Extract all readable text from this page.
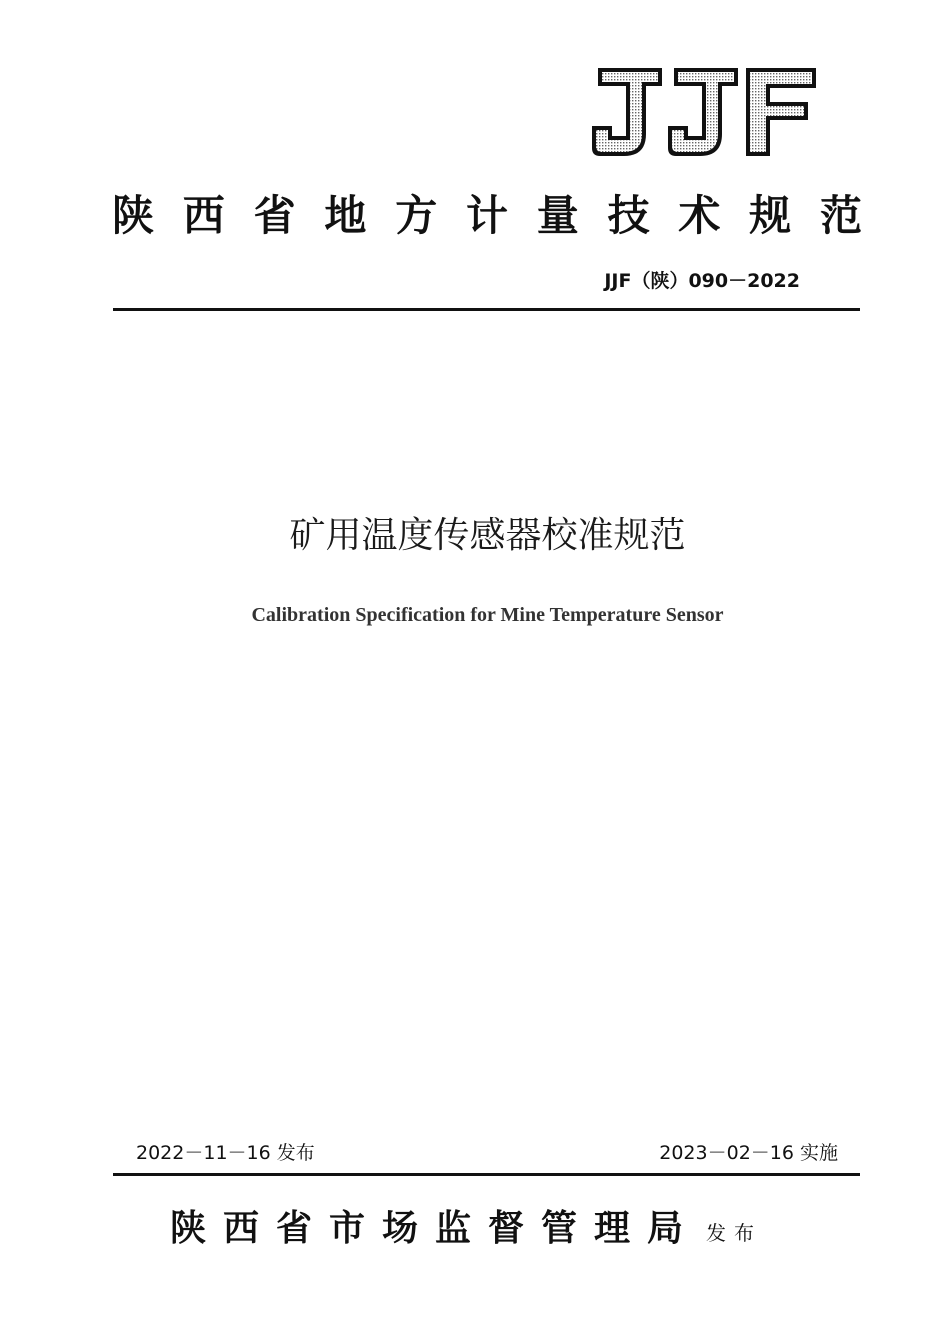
陕西省地方计量技术规范
JJF（陕）090－2022
矿用温度传感器校准规范
Calibration Specification for Mine Temperature Sensor
2022－11－16 发布	2023－02－16 实施
陕西省市场监督管理局 发布
